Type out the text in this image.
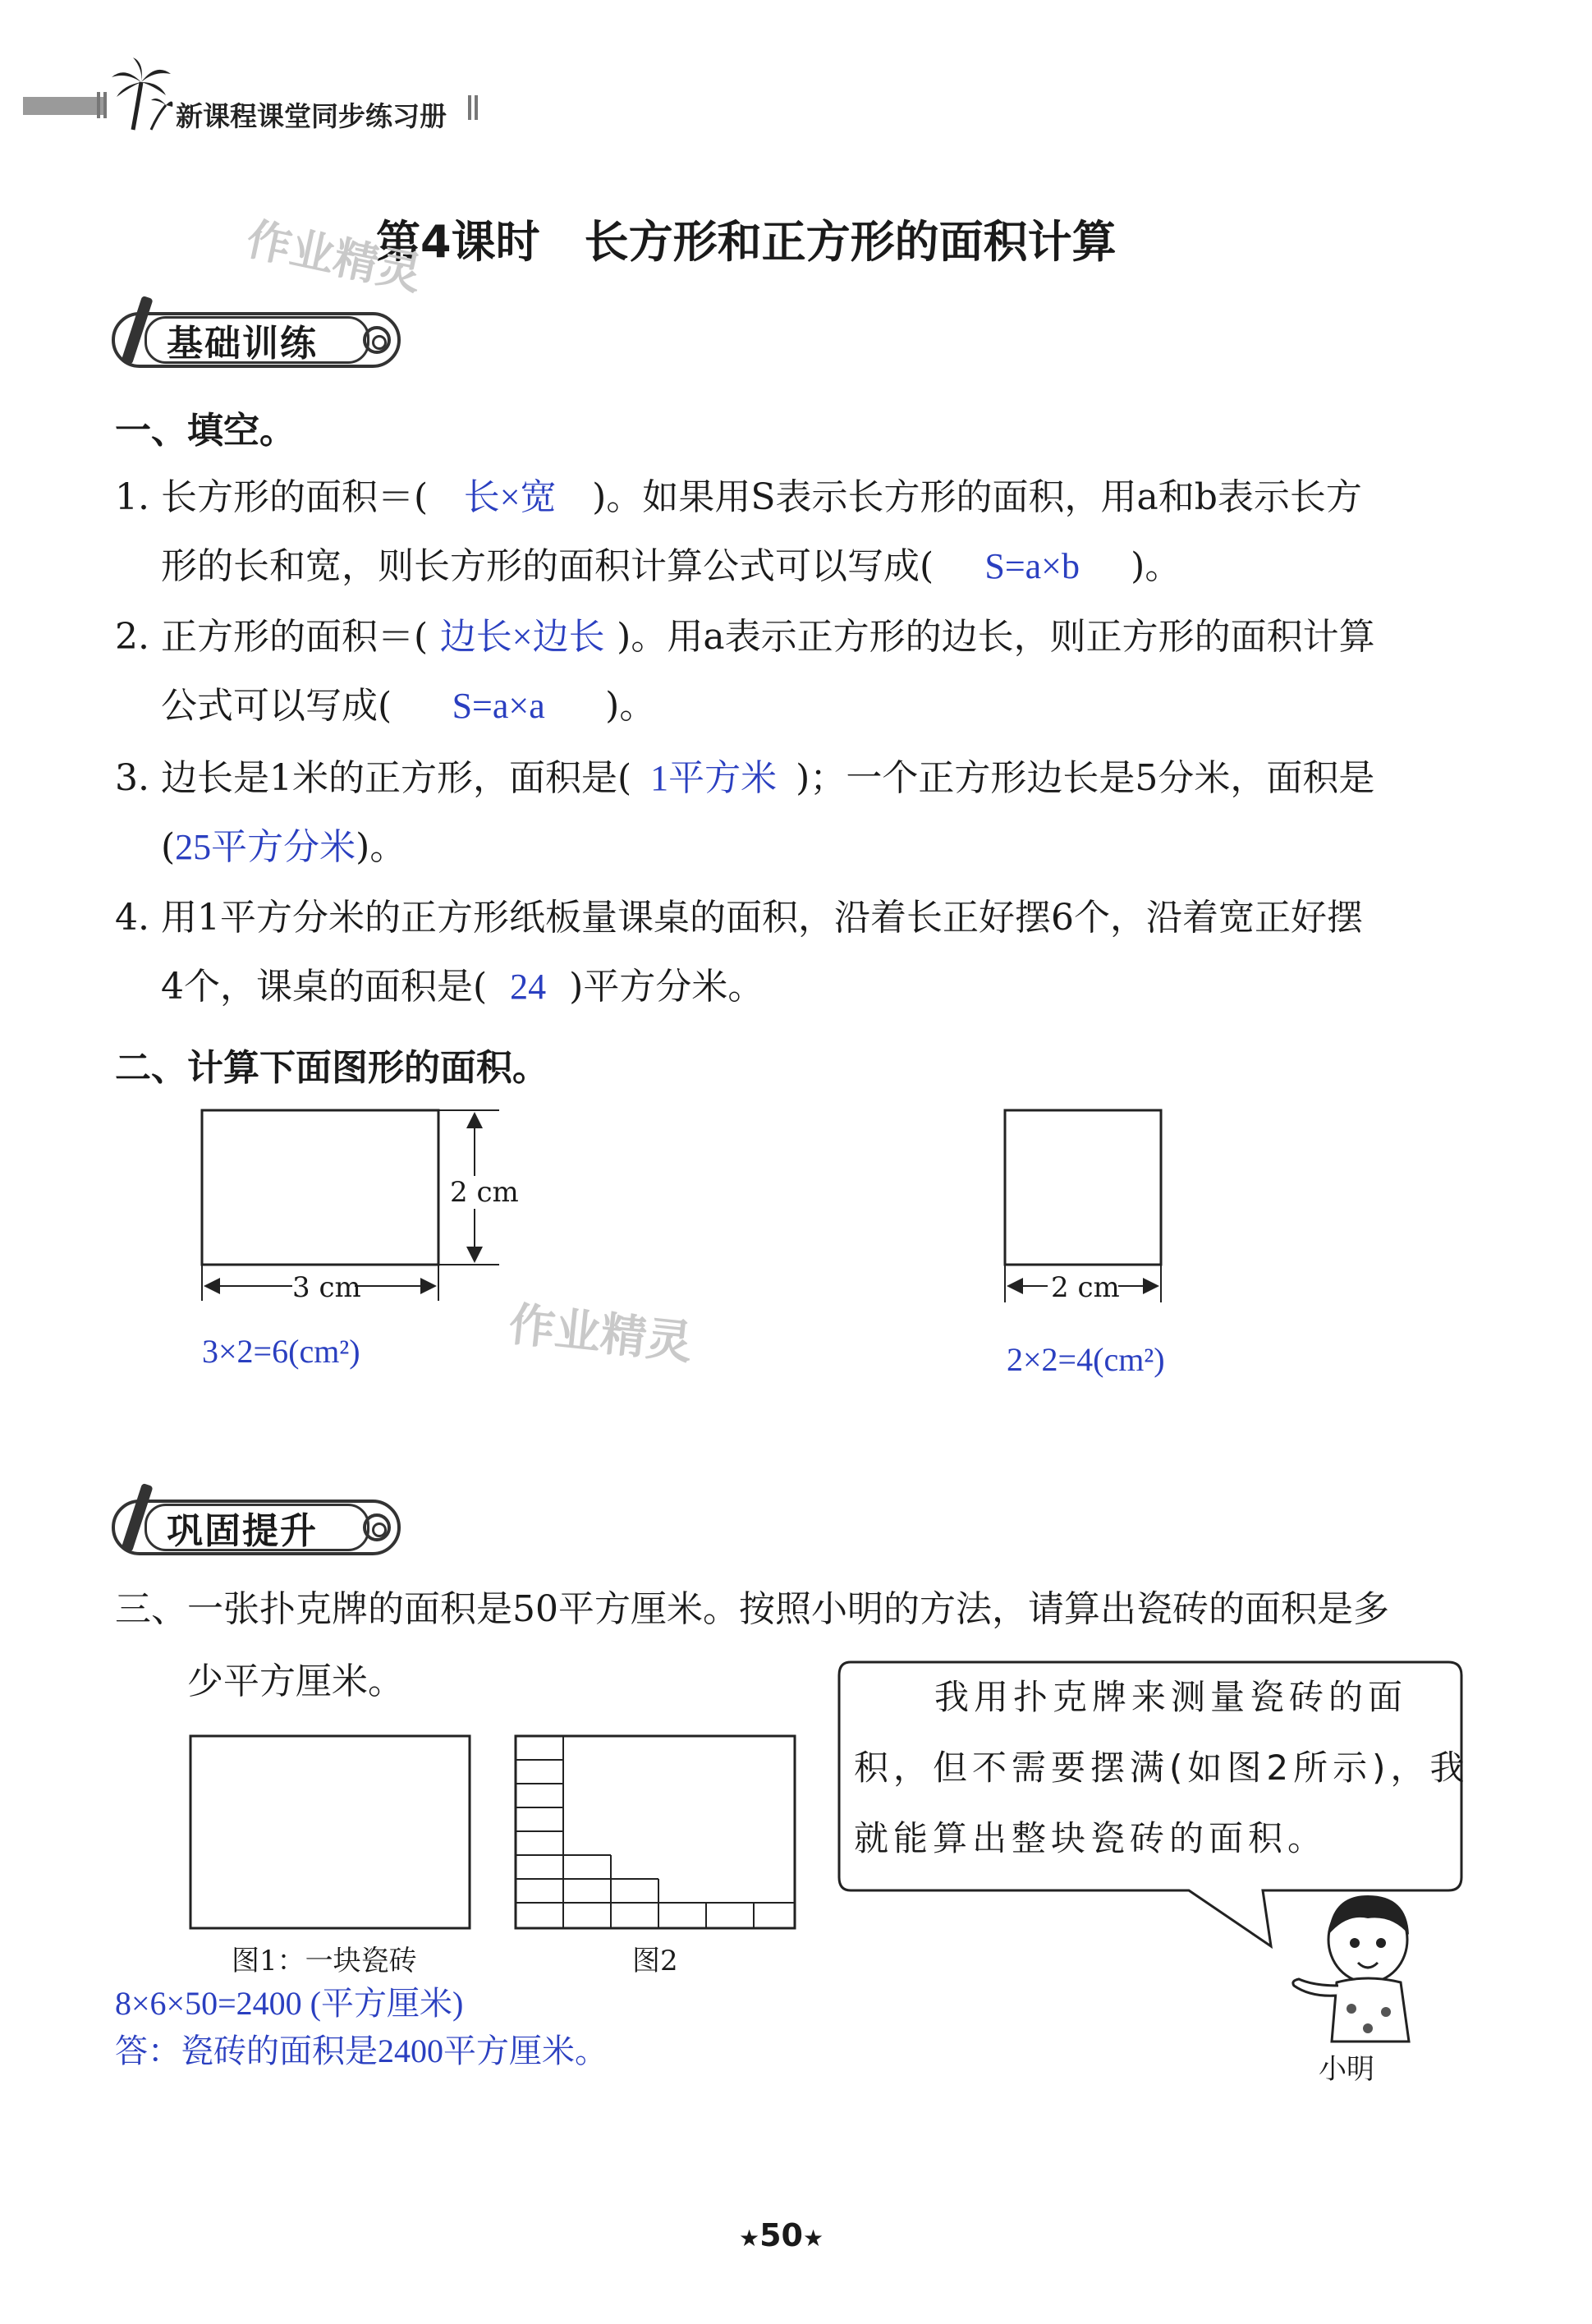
新课程课堂同步练习册
第4课时　长方形和正方形的面积计算
作业精灵
基础训练
一、填空。
1. 长方形的面积＝( 长×宽 )。如果用S表示长方形的面积，用a和b表示长方
形的长和宽，则长方形的面积计算公式可以写成( S=a×b )。
2. 正方形的面积＝( 边长×边长 )。用a表示正方形的边长，则正方形的面积计算
公式可以写成( S=a×a )。
3. 边长是1米的正方形，面积是( 1平方米 )；一个正方形边长是5分米，面积是
(25平方分米)。
4. 用1平方分米的正方形纸板量课桌的面积，沿着长正好摆6个，沿着宽正好摆
4个，课桌的面积是( 24 )平方分米。
二、计算下面图形的面积。
2 cm
3 cm
3×2=6(cm²)
2 cm
2×2=4(cm²)
作业精灵
巩固提升
三、一张扑克牌的面积是50平方厘米。按照小明的方法，请算出瓷砖的面积是多
少平方厘米。
图1：一块瓷砖	图2
我用扑克牌来测量瓷砖的面
积，但不需要摆满(如图2所示)，我
就能算出整块瓷砖的面积。
小明
8×6×50=2400 (平方厘米)
答：瓷砖的面积是2400平方厘米。
★50★
